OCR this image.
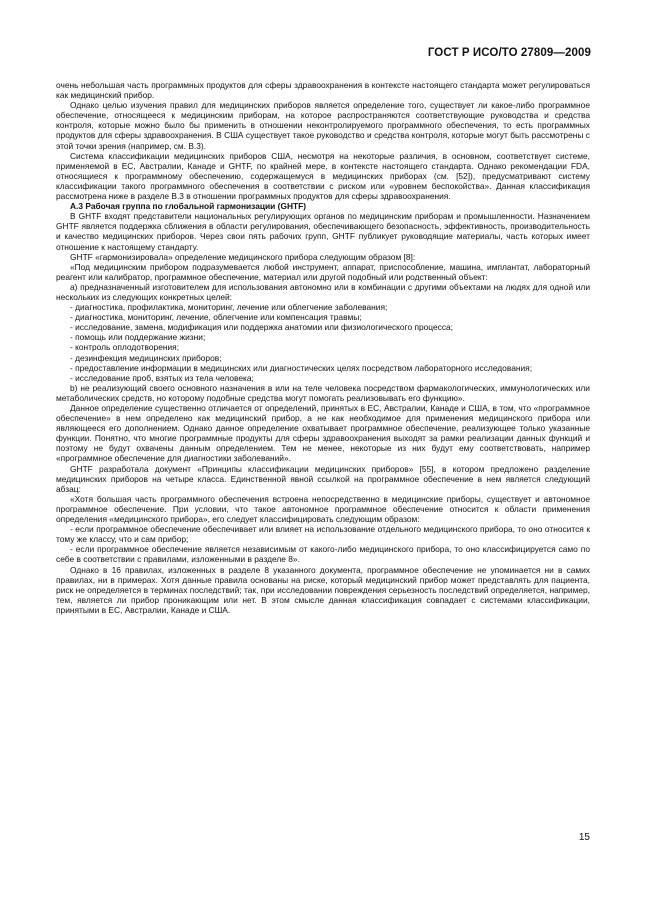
ГОСТ Р ИСО/ТО 27809—2009

очень небольшая часть программных продуктов для сферы здравоохранения в контексте настоящего стандарта может регулироваться как медицинский прибор.

Однако целью изучения правил для медицинских приборов является определение того, существует ли какое-либо программное обеспечение, относящееся к медицинским приборам, на которое распространяются соответствующие руководства и средства контроля, которые можно было бы применить в отношении неконтролируемого программного обеспечения, то есть программных продуктов для сферы здравоохранения. В США существует такое руководство и средства контроля, которые могут быть рассмотрены с этой точки зрения (например, см. В.3).

Система классификации медицинских приборов США, несмотря на некоторые различия, в основном, соответствует системе, применяемой в ЕС, Австралии, Канаде и GHTF, по крайней мере, в контексте настоящего стандарта. Однако рекомендации FDA, относящиеся к программному обеспечению, содержащемуся в медицинских приборах (см. [52]), предусматривают систему классификации такого программного обеспечения в соответствии с риском или «уровнем беспокойства». Данная классификация рассмотрена ниже в разделе В.3 в отношении программных продуктов для сферы здравоохранения.

А.3 Рабочая группа по глобальной гармонизации (GHTF)

В GHTF входят представители национальных регулирующих органов по медицинским приборам и промышленности. Назначением GHTF является поддержка сближения в области регулирования, обеспечивающего безопасность, эффективность, производительность и качество медицинских приборов. Через свои пять рабочих групп, GHTF публикует руководящие материалы, часть которых имеет отношение к настоящему стандарту.

GHTF «гармонизировала» определение медицинского прибора следующим образом [8]:

«Под медицинским прибором подразумевается любой инструмент, аппарат, приспособление, машина, имплантат, лабораторный реагент или калибратор, программное обеспечение, материал или другой подобный или родственный объект:

а) предназначенный изготовителем для использования автономно или в комбинации с другими объектами на людях для одной или нескольких из следующих конкретных целей:

- диагностика, профилактика, мониторинг, лечение или облегчение заболевания;

- диагностика, мониторинг, лечение, облегчение или компенсация травмы;

- исследование, замена, модификация или поддержка анатомии или физиологического процесса;

- помощь или поддержание жизни;

- контроль оплодотворения;

- дезинфекция медицинских приборов;

- предоставление информации в медицинских или диагностических целях посредством лабораторного исследования;

- исследование проб, взятых из тела человека;

b) не реализующий своего основного назначения в или на теле человека посредством фармакологических, иммунологических или метаболических средств, но которому подобные средства могут помогать реализовывать его функцию».

Данное определение существенно отличается от определений, принятых в ЕС, Австралии, Канаде и США, в том, что «программное обеспечение» в нем определено как медицинский прибор, а не как необходимое для применения медицинского прибора или являющееся его дополнением. Однако данное определение охватывает программное обеспечение, реализующее только указанные функции. Понятно, что многие программные продукты для сферы здравоохранения выходят за рамки реализации данных функций и поэтому не будут охвачены данным определением. Тем не менее, некоторые из них будут ему соответствовать, например «программное обеспечение для диагностики заболеваний».

GHTF разработала документ «Принципы классификации медицинских приборов» [55], в котором предложено разделение медицинских приборов на четыре класса. Единственной явной ссылкой на программное обеспечение в нем является следующий абзац:

«Хотя большая часть программного обеспечения встроена непосредственно в медицинские приборы, существует и автономное программное обеспечение. При условии, что такое автономное программное обеспечение относится к области применения определения «медицинского прибора», его следует классифицировать следующим образом:

- если программное обеспечение обеспечивает или влияет на использование отдельного медицинского прибора, то оно относится к тому же классу, что и сам прибор;

- если программное обеспечение является независимым от какого-либо медицинского прибора, то оно классифицируется само по себе в соответствии с правилами, изложенными в разделе 8».

Однако в 16 правилах, изложенных в разделе 8 указанного документа, программное обеспечение не упоминается ни в самих правилах, ни в примерах. Хотя данные правила основаны на риске, который медицинский прибор может представлять для пациента, риск не определяется в терминах последствий; так, при исследовании повреждения серьезность последствий определяется, например, тем, является ли прибор проникающим или нет. В этом смысле данная классификация совпадает с системами классификации, принятыми в ЕС, Австралии, Канаде и США.

15
